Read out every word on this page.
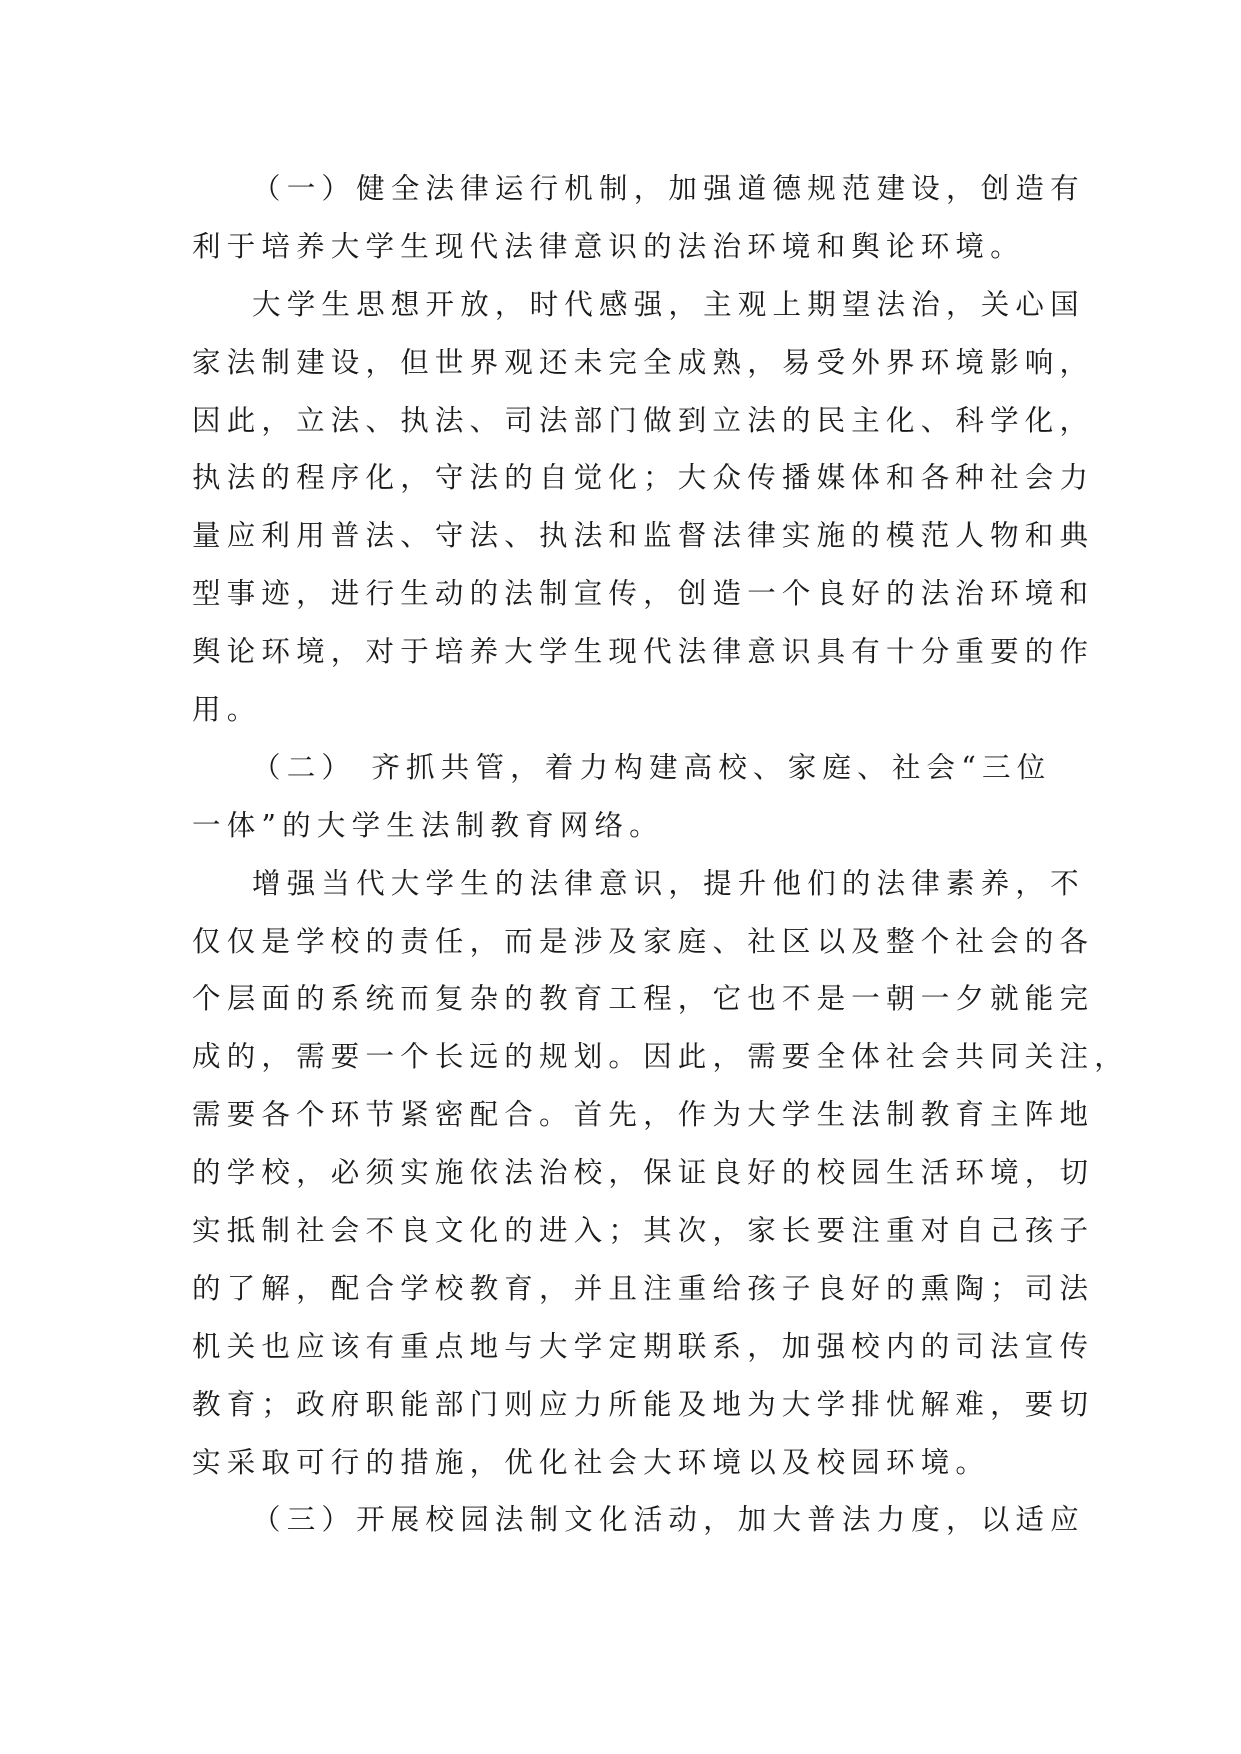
（一）健全法律运行机制，加强道德规范建设，创造有
利于培养大学生现代法律意识的法治环境和舆论环境。
大学生思想开放，时代感强，主观上期望法治，关心国
家法制建设，但世界观还未完全成熟，易受外界环境影响，
因此，立法、执法、司法部门做到立法的民主化、科学化，
执法的程序化，守法的自觉化；大众传播媒体和各种社会力
量应利用普法、守法、执法和监督法律实施的模范人物和典
型事迹，进行生动的法制宣传，创造一个良好的法治环境和
舆论环境，对于培养大学生现代法律意识具有十分重要的作
用。
（二） 齐抓共管，着力构建高校、家庭、社会“三位
一体”的大学生法制教育网络。
增强当代大学生的法律意识，提升他们的法律素养，不
仅仅是学校的责任，而是涉及家庭、社区以及整个社会的各
个层面的系统而复杂的教育工程，它也不是一朝一夕就能完
成的，需要一个长远的规划。因此，需要全体社会共同关注，
需要各个环节紧密配合。首先，作为大学生法制教育主阵地
的学校，必须实施依法治校，保证良好的校园生活环境，切
实抵制社会不良文化的进入；其次，家长要注重对自己孩子
的了解，配合学校教育，并且注重给孩子良好的熏陶；司法
机关也应该有重点地与大学定期联系，加强校内的司法宣传
教育；政府职能部门则应力所能及地为大学排忧解难，要切
实采取可行的措施，优化社会大环境以及校园环境。
（三）开展校园法制文化活动，加大普法力度，以适应
